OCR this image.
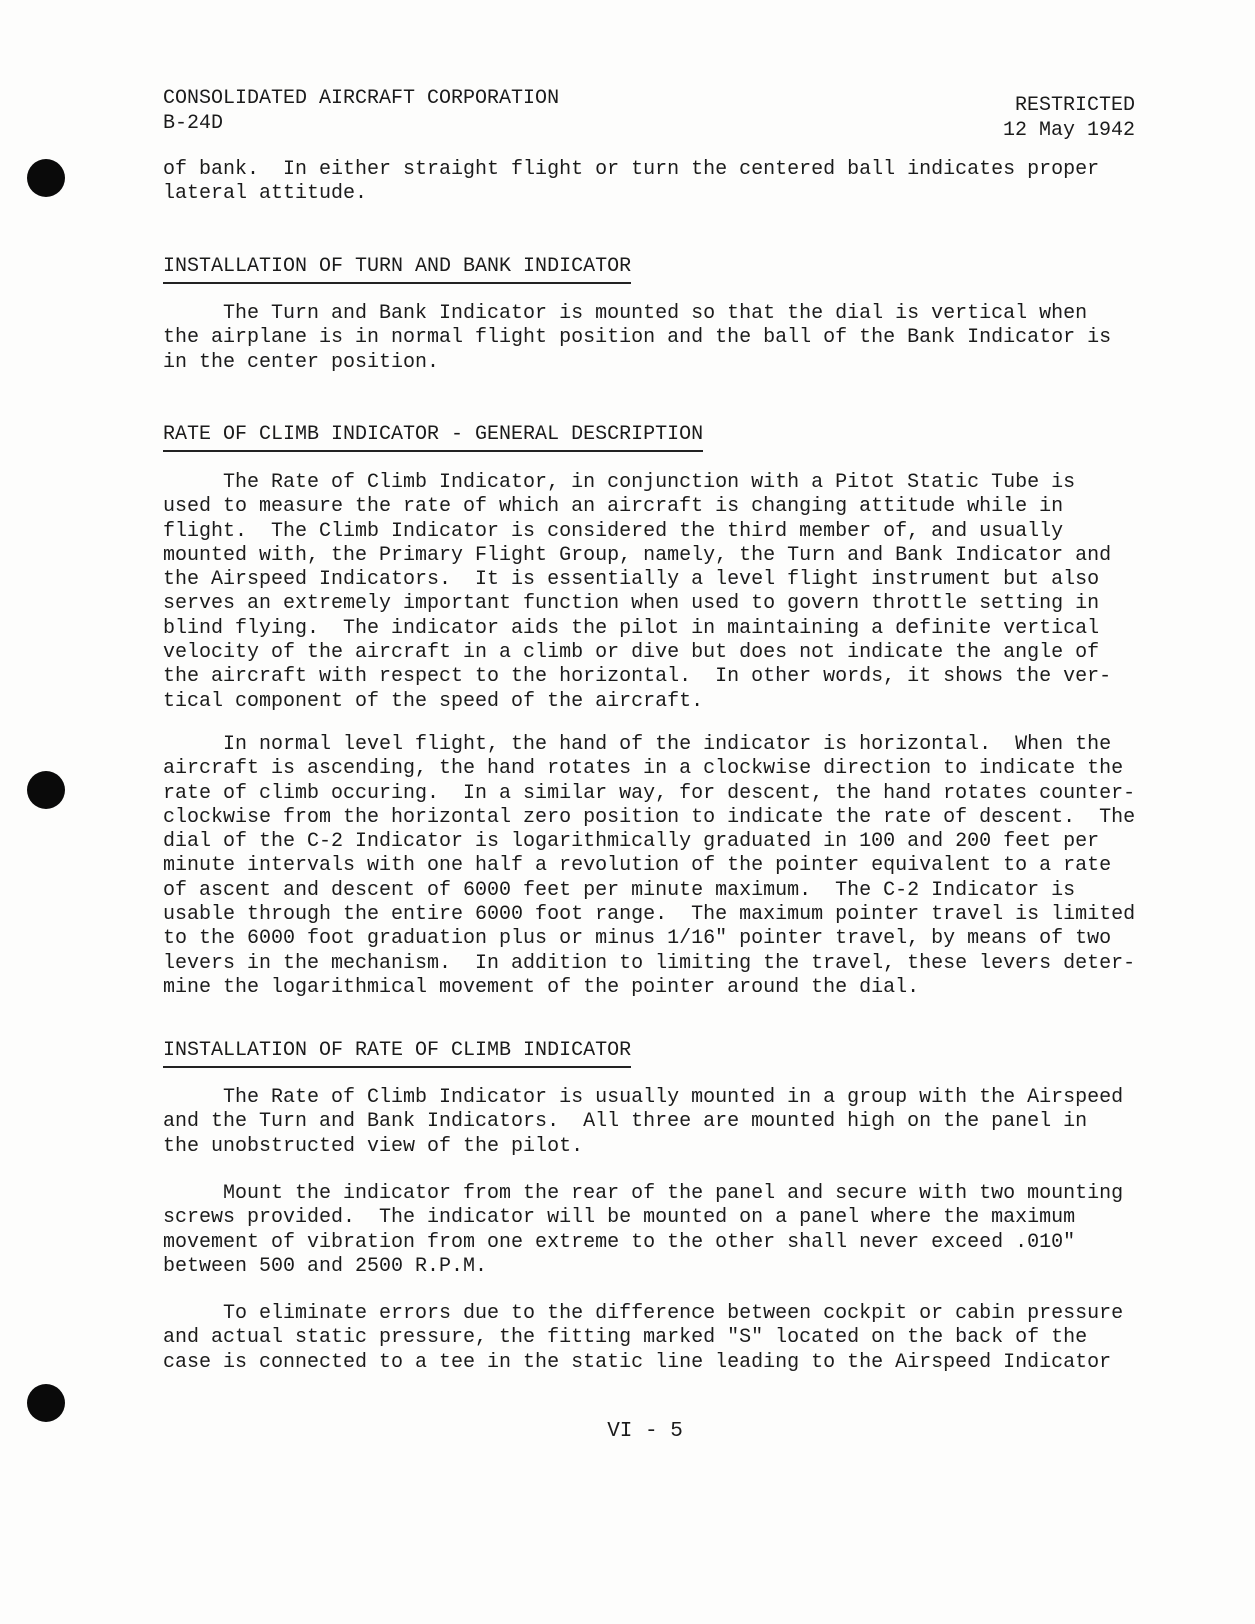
CONSOLIDATED AIRCRAFT CORPORATION
B-24D

RESTRICTED
12 May 1942
of bank.  In either straight flight or turn the centered ball indicates proper
lateral attitude.
INSTALLATION OF TURN AND BANK INDICATOR
The Turn and Bank Indicator is mounted so that the dial is vertical when
the airplane is in normal flight position and the ball of the Bank Indicator is
in the center position.
RATE OF CLIMB INDICATOR - GENERAL DESCRIPTION
The Rate of Climb Indicator, in conjunction with a Pitot Static Tube is
used to measure the rate of which an aircraft is changing attitude while in
flight.  The Climb Indicator is considered the third member of, and usually
mounted with, the Primary Flight Group, namely, the Turn and Bank Indicator and
the Airspeed Indicators.  It is essentially a level flight instrument but also
serves an extremely important function when used to govern throttle setting in
blind flying.  The indicator aids the pilot in maintaining a definite vertical
velocity of the aircraft in a climb or dive but does not indicate the angle of
the aircraft with respect to the horizontal.  In other words, it shows the ver-
tical component of the speed of the aircraft.
In normal level flight, the hand of the indicator is horizontal.  When the
aircraft is ascending, the hand rotates in a clockwise direction to indicate the
rate of climb occuring.  In a similar way, for descent, the hand rotates counter-
clockwise from the horizontal zero position to indicate the rate of descent.  The
dial of the C-2 Indicator is logarithmically graduated in 100 and 200 feet per
minute intervals with one half a revolution of the pointer equivalent to a rate
of ascent and descent of 6000 feet per minute maximum.  The C-2 Indicator is
usable through the entire 6000 foot range.  The maximum pointer travel is limited
to the 6000 foot graduation plus or minus 1/16" pointer travel, by means of two
levers in the mechanism.  In addition to limiting the travel, these levers deter-
mine the logarithmical movement of the pointer around the dial.
INSTALLATION OF RATE OF CLIMB INDICATOR
The Rate of Climb Indicator is usually mounted in a group with the Airspeed
and the Turn and Bank Indicators.  All three are mounted high on the panel in
the unobstructed view of the pilot.
Mount the indicator from the rear of the panel and secure with two mounting
screws provided.  The indicator will be mounted on a panel where the maximum
movement of vibration from one extreme to the other shall never exceed .010"
between 500 and 2500 R.P.M.
To eliminate errors due to the difference between cockpit or cabin pressure
and actual static pressure, the fitting marked "S" located on the back of the
case is connected to a tee in the static line leading to the Airspeed Indicator
VI - 5
